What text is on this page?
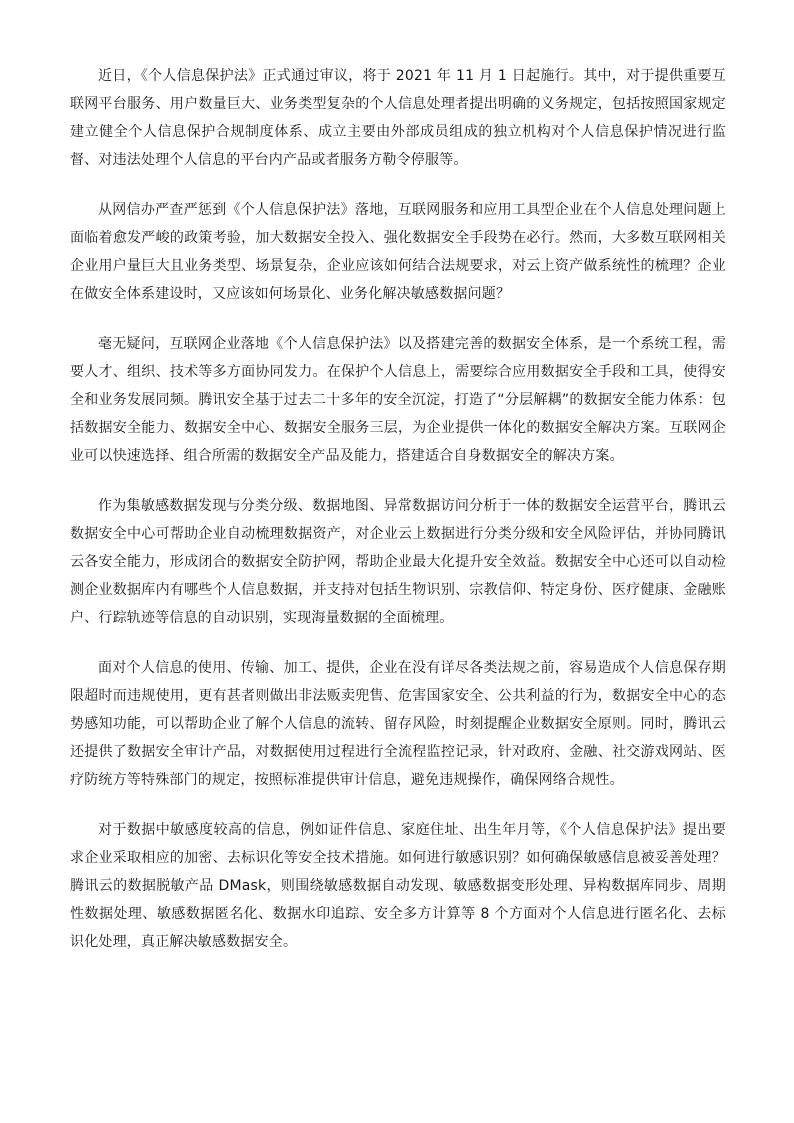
近日，《个人信息保护法》正式通过审议，将于 2021 年 11 月 1 日起施行。其中，对于提供重要互联网平台服务、用户数量巨大、业务类型复杂的个人信息处理者提出明确的义务规定，包括按照国家规定建立健全个人信息保护合规制度体系、成立主要由外部成员组成的独立机构对个人信息保护情况进行监督、对违法处理个人信息的平台内产品或者服务方勒令停服等。

从网信办严查严惩到《个人信息保护法》落地，互联网服务和应用工具型企业在个人信息处理问题上面临着愈发严峻的政策考验，加大数据安全投入、强化数据安全手段势在必行。然而，大多数互联网相关企业用户量巨大且业务类型、场景复杂，企业应该如何结合法规要求，对云上资产做系统性的梳理？企业在做安全体系建设时，又应该如何场景化、业务化解决敏感数据问题？

毫无疑问，互联网企业落地《个人信息保护法》以及搭建完善的数据安全体系，是一个系统工程，需要人才、组织、技术等多方面协同发力。在保护个人信息上，需要综合应用数据安全手段和工具，使得安全和业务发展同频。腾讯安全基于过去二十多年的安全沉淀，打造了“分层解耦”的数据安全能力体系：包括数据安全能力、数据安全中心、数据安全服务三层，为企业提供一体化的数据安全解决方案。互联网企业可以快速选择、组合所需的数据安全产品及能力，搭建适合自身数据安全的解决方案。

作为集敏感数据发现与分类分级、数据地图、异常数据访问分析于一体的数据安全运营平台，腾讯云数据安全中心可帮助企业自动梳理数据资产，对企业云上数据进行分类分级和安全风险评估，并协同腾讯云各安全能力，形成闭合的数据安全防护网，帮助企业最大化提升安全效益。数据安全中心还可以自动检测企业数据库内有哪些个人信息数据，并支持对包括生物识别、宗教信仰、特定身份、医疗健康、金融账户、行踪轨迹等信息的自动识别，实现海量数据的全面梳理。

面对个人信息的使用、传输、加工、提供，企业在没有详尽各类法规之前，容易造成个人信息保存期限超时而违规使用，更有甚者则做出非法贩卖兜售、危害国家安全、公共利益的行为，数据安全中心的态势感知功能，可以帮助企业了解个人信息的流转、留存风险，时刻提醒企业数据安全原则。同时，腾讯云还提供了数据安全审计产品，对数据使用过程进行全流程监控记录，针对政府、金融、社交游戏网站、医疗防统方等特殊部门的规定，按照标准提供审计信息，避免违规操作，确保网络合规性。

对于数据中敏感度较高的信息，例如证件信息、家庭住址、出生年月等，《个人信息保护法》提出要求企业采取相应的加密、去标识化等安全技术措施。如何进行敏感识别？如何确保敏感信息被妥善处理？腾讯云的数据脱敏产品 DMask，则围绕敏感数据自动发现、敏感数据变形处理、异构数据库同步、周期性数据处理、敏感数据匿名化、数据水印追踪、安全多方计算等 8 个方面对个人信息进行匿名化、去标识化处理，真正解决敏感数据安全。
